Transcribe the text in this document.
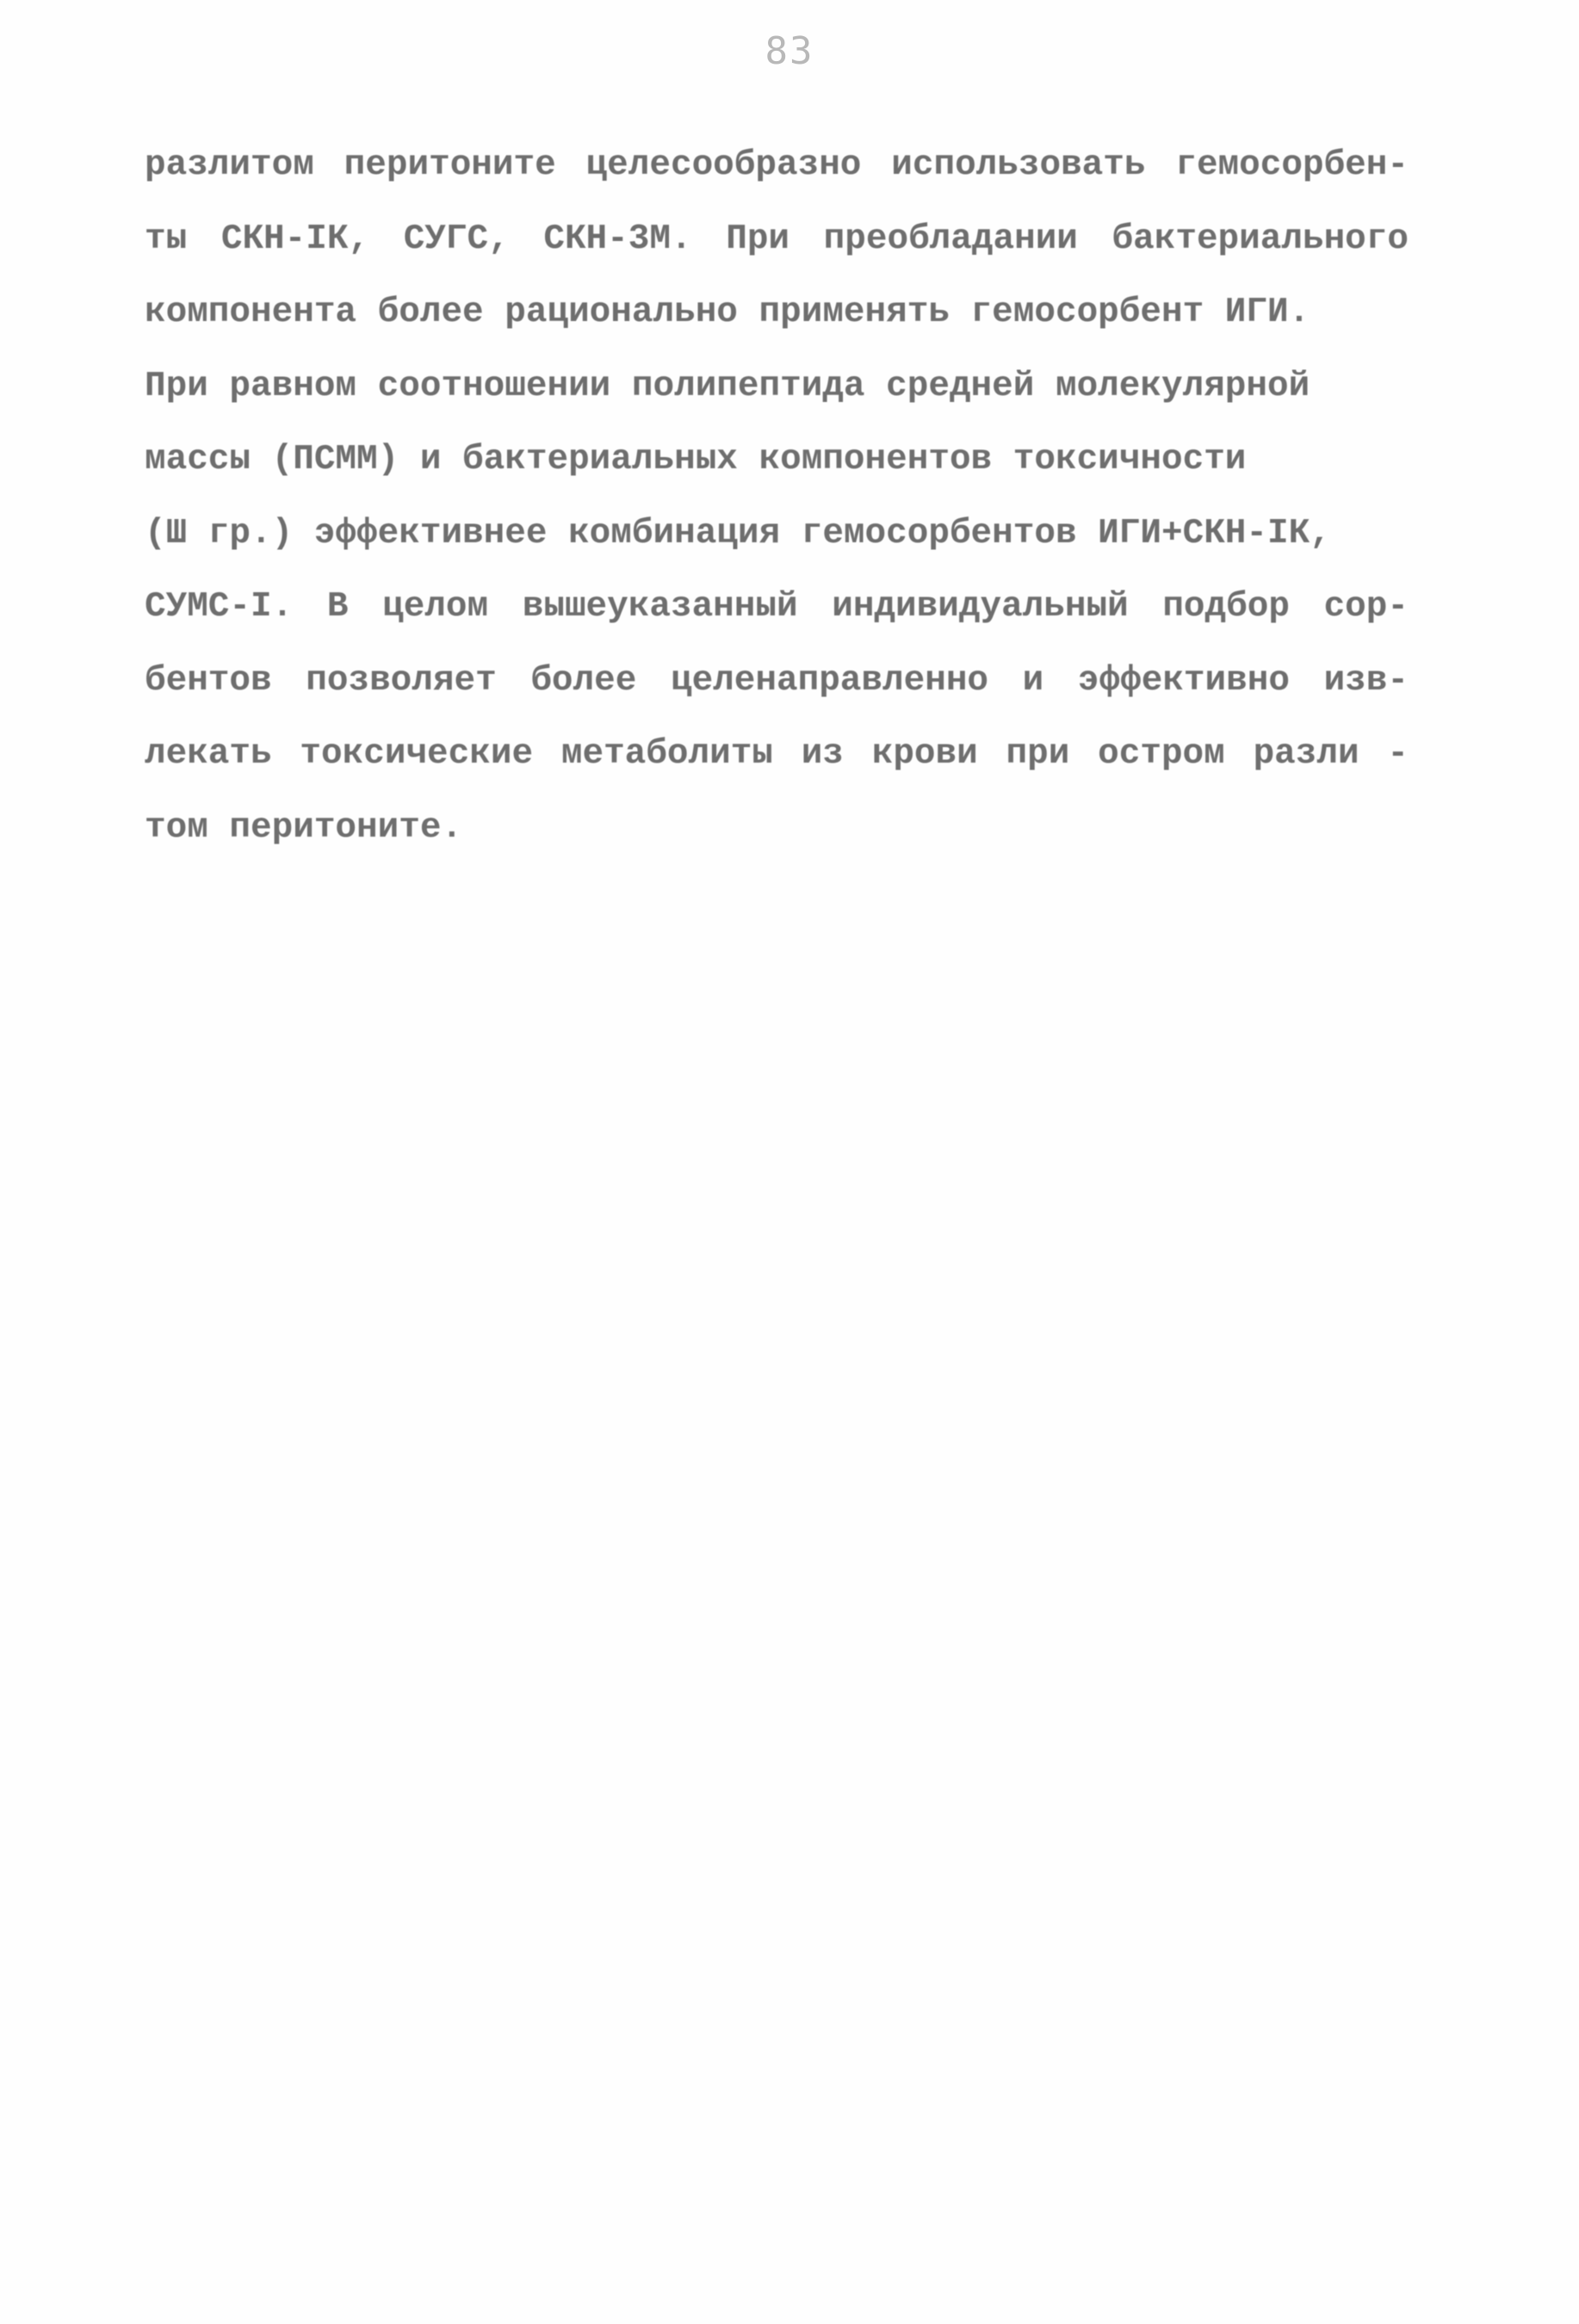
83
разлитом перитоните целесообразно использовать гемосорбен-
ты СКН-IК, СУГС, СКН-3М. При преобладании бактериального
компонента более рационально применять гемосорбент ИГИ.
При равном соотношении полипептида средней молекулярной
массы (ПСММ) и бактериальных компонентов токсичности
(Ш гр.) эффективнее комбинация гемосорбентов ИГИ+СКН-IК,
СУМС-I. В целом вышеуказанный индивидуальный подбор сор-
бентов позволяет более целенаправленно и эффективно изв-
лекать токсические метаболиты из крови при остром разли -
том перитоните.
